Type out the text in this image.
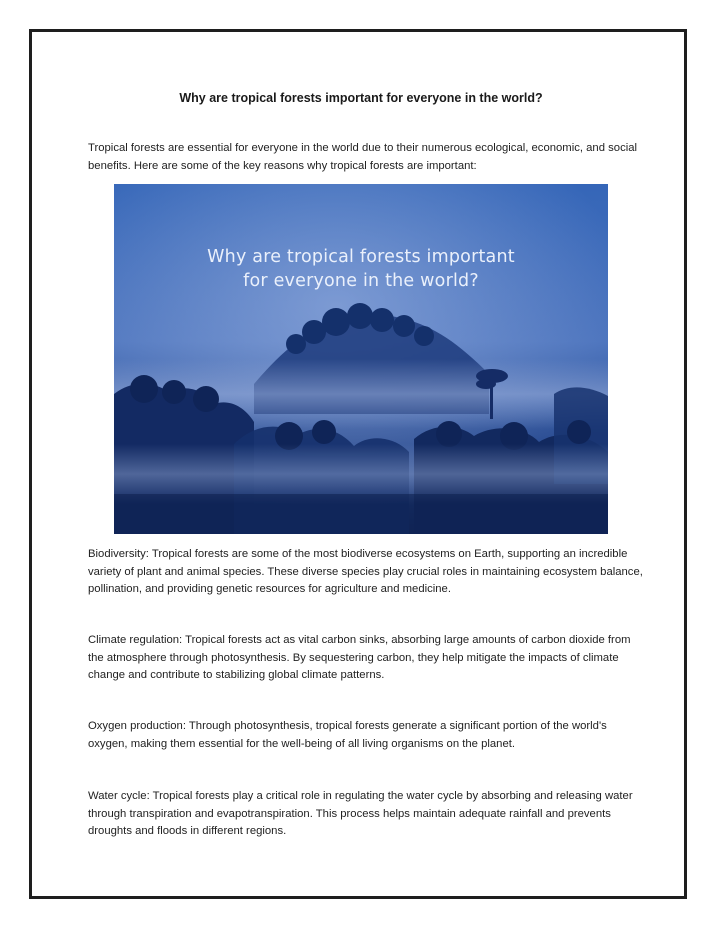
Why are tropical forests important for everyone in the world?

Tropical forests are essential for everyone in the world due to their numerous ecological, economic, and social benefits. Here are some of the key reasons why tropical forests are important:

Why are tropical forests important
for everyone in the world?

Biodiversity: Tropical forests are some of the most biodiverse ecosystems on Earth, supporting an incredible variety of plant and animal species. These diverse species play crucial roles in maintaining ecosystem balance, pollination, and providing genetic resources for agriculture and medicine.

Climate regulation: Tropical forests act as vital carbon sinks, absorbing large amounts of carbon dioxide from the atmosphere through photosynthesis. By sequestering carbon, they help mitigate the impacts of climate change and contribute to stabilizing global climate patterns.

Oxygen production: Through photosynthesis, tropical forests generate a significant portion of the world's oxygen, making them essential for the well-being of all living organisms on the planet.

Water cycle: Tropical forests play a critical role in regulating the water cycle by absorbing and releasing water through transpiration and evapotranspiration. This process helps maintain adequate rainfall and prevents droughts and floods in different regions.
